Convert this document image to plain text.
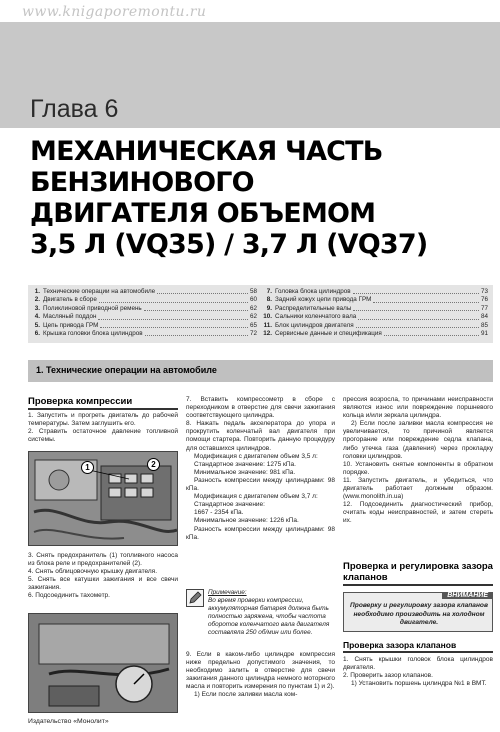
www.knigaporemontu.ru
Глава 6
МЕХАНИЧЕСКАЯ ЧАСТЬ
БЕНЗИНОВОГО
ДВИГАТЕЛЯ ОБЪЕМОМ
3,5 Л (VQ35) / 3,7 Л (VQ37)
1. Технические операции на автомобиле	58
2. Двигатель в сборе	60
3. Поликлиновой приводной ремень	62
4. Масляный поддон	62
5. Цепь привода ГРМ	65
6. Крышка головки блока цилиндров	72
7. Головка блока цилиндров	73
8. Задний кожух цепи привода ГРМ	76
9. Распределительные валы	77
10. Сальники коленчатого вала	84
11. Блок цилиндров двигателя	85
12. Сервисные данные и спецификация	91
1. Технические операции на автомобиле
Проверка компрессии

1. Запустить и прогреть двигатель до рабочей температуры. Затем заглушить его.

2. Стравить остаточное давление топливной системы.

1	2

3. Снять предохранитель (1) топливного насоса из блока реле и предохранителей (2).

4. Снять облицовочную крышку двигателя.

5. Снять все катушки зажигания и все свечи зажигания.

6. Подсоединить тахометр.

7. Вставить компрессометр в сборе с переходником в отверстие для свечи зажигания соответствующего цилиндра.

8. Нажать педаль акселератора до упора и прокрутить коленчатый вал двигателя при помощи стартера. Повторить данную процедуру для оставшихся цилиндров.

Модификация с двигателем объем 3,5 л:

Стандартное значение: 1275 кПа.

Минимальное значение: 981 кПа.

Разность компрессии между цилиндрами: 98 кПа.

Модификация с двигателем объем 3,7 л:

Стандартное значение:

1667 - 2354 кПа.

Минимальное значение: 1226 кПа.

Разность компрессии между цилиндрами: 98 кПа.

Примечание:
Во время проверки компрессии, аккумуляторная батарея должна быть полностью заряжена, чтобы частота оборотов коленчатого вала двигателя составляла 250 об/мин или более.

9. Если в каком-либо цилиндре компрессия ниже предельно допустимого значения, то необходимо залить в отверстие для свечи зажигания данного цилиндра немного моторного масла и повторить измерения по пунктам 1) и 2).

1) Если после заливки масла ком-

прессия возросла, то причинами неисправности являются износ или повреждение поршневого кольца и/или зеркала цилиндра.

2) Если после заливки масла компрессия не увеличивается, то причиной является прогорание или повреждение седла клапана, либо утечка газа (давления) через прокладку головки цилиндров.

10. Установить снятые компоненты в обратном порядке.

11. Запустить двигатель, и убедиться, что двигатель работает должным образом. (www.monolith.in.ua)

12. Подсоединить диагностический прибор, считать коды неисправностей, и затем стереть их.

Проверка и регулировка зазора клапанов
ВНИМАНИЕ
Проверку и регулировку зазора клапанов необходимо производить на холодном двигателе.
Проверка зазора клапанов

1. Снять крышки головок блока цилиндров двигателя.

2. Проверить зазор клапанов.

1) Установить поршень цилиндра №1 в ВМТ.

Издательство «Монолит»
